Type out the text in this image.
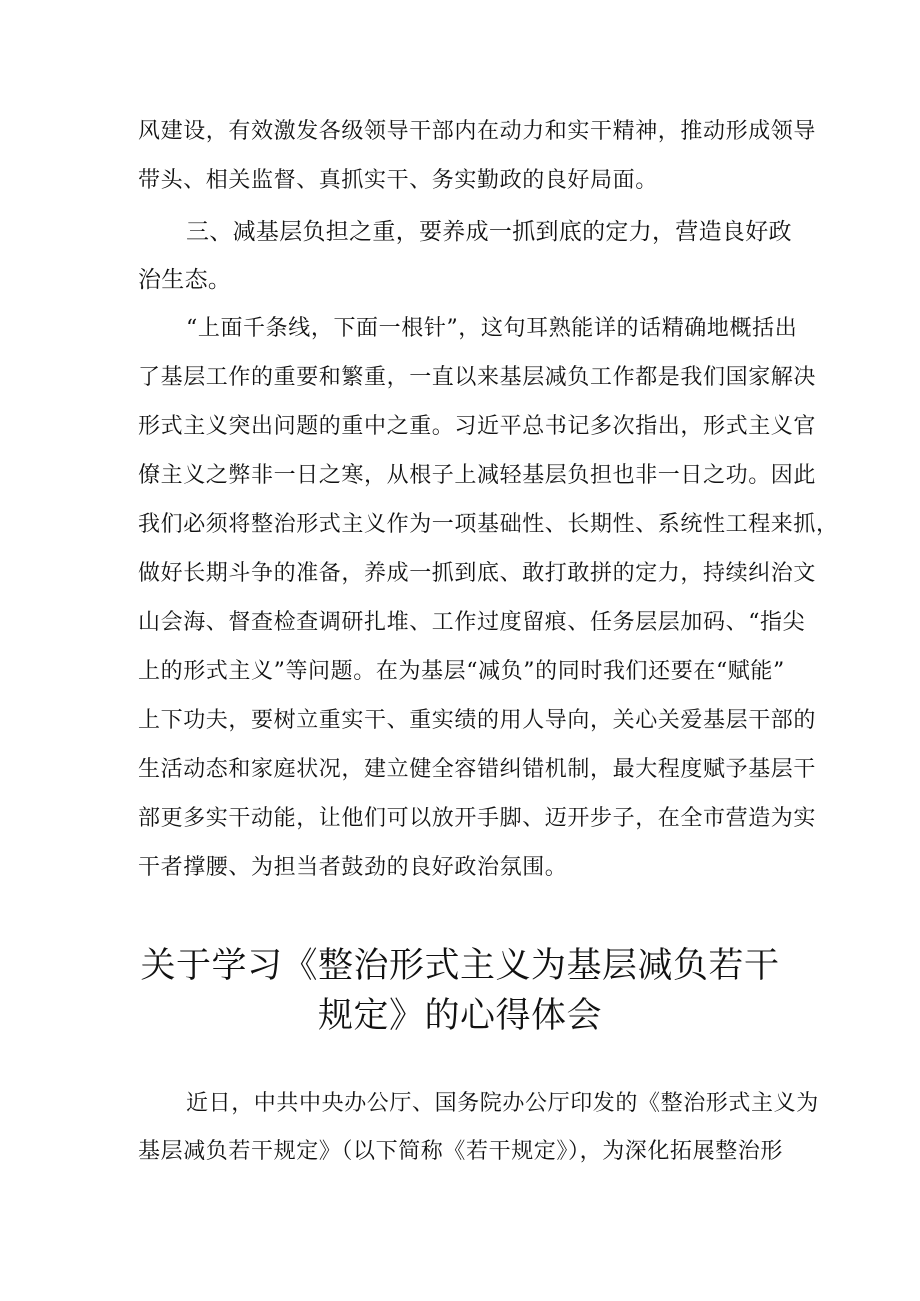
风建设，有效激发各级领导干部内在动力和实干精神，推动形成领导
带头、相关监督、真抓实干、务实勤政的良好局面。
三、减基层负担之重，要养成一抓到底的定力，营造良好政
治生态。
“上面千条线，下面一根针”，这句耳熟能详的话精确地概括出
了基层工作的重要和繁重，一直以来基层减负工作都是我们国家解决
形式主义突出问题的重中之重。习近平总书记多次指出，形式主义官
僚主义之弊非一日之寒，从根子上减轻基层负担也非一日之功。因此
我们必须将整治形式主义作为一项基础性、长期性、系统性工程来抓，
做好长期斗争的准备，养成一抓到底、敢打敢拼的定力，持续纠治文
山会海、督查检查调研扎堆、工作过度留痕、任务层层加码、“指尖
上的形式主义”等问题。在为基层“减负”的同时我们还要在“赋能”
上下功夫，要树立重实干、重实绩的用人导向，关心关爱基层干部的
生活动态和家庭状况，建立健全容错纠错机制，最大程度赋予基层干
部更多实干动能，让他们可以放开手脚、迈开步子，在全市营造为实
干者撑腰、为担当者鼓劲的良好政治氛围。
关于学习《整治形式主义为基层减负若干
规定》的心得体会
近日，中共中央办公厅、国务院办公厅印发的《整治形式主义为
基层减负若干规定》（以下简称《若干规定》），为深化拓展整治形
